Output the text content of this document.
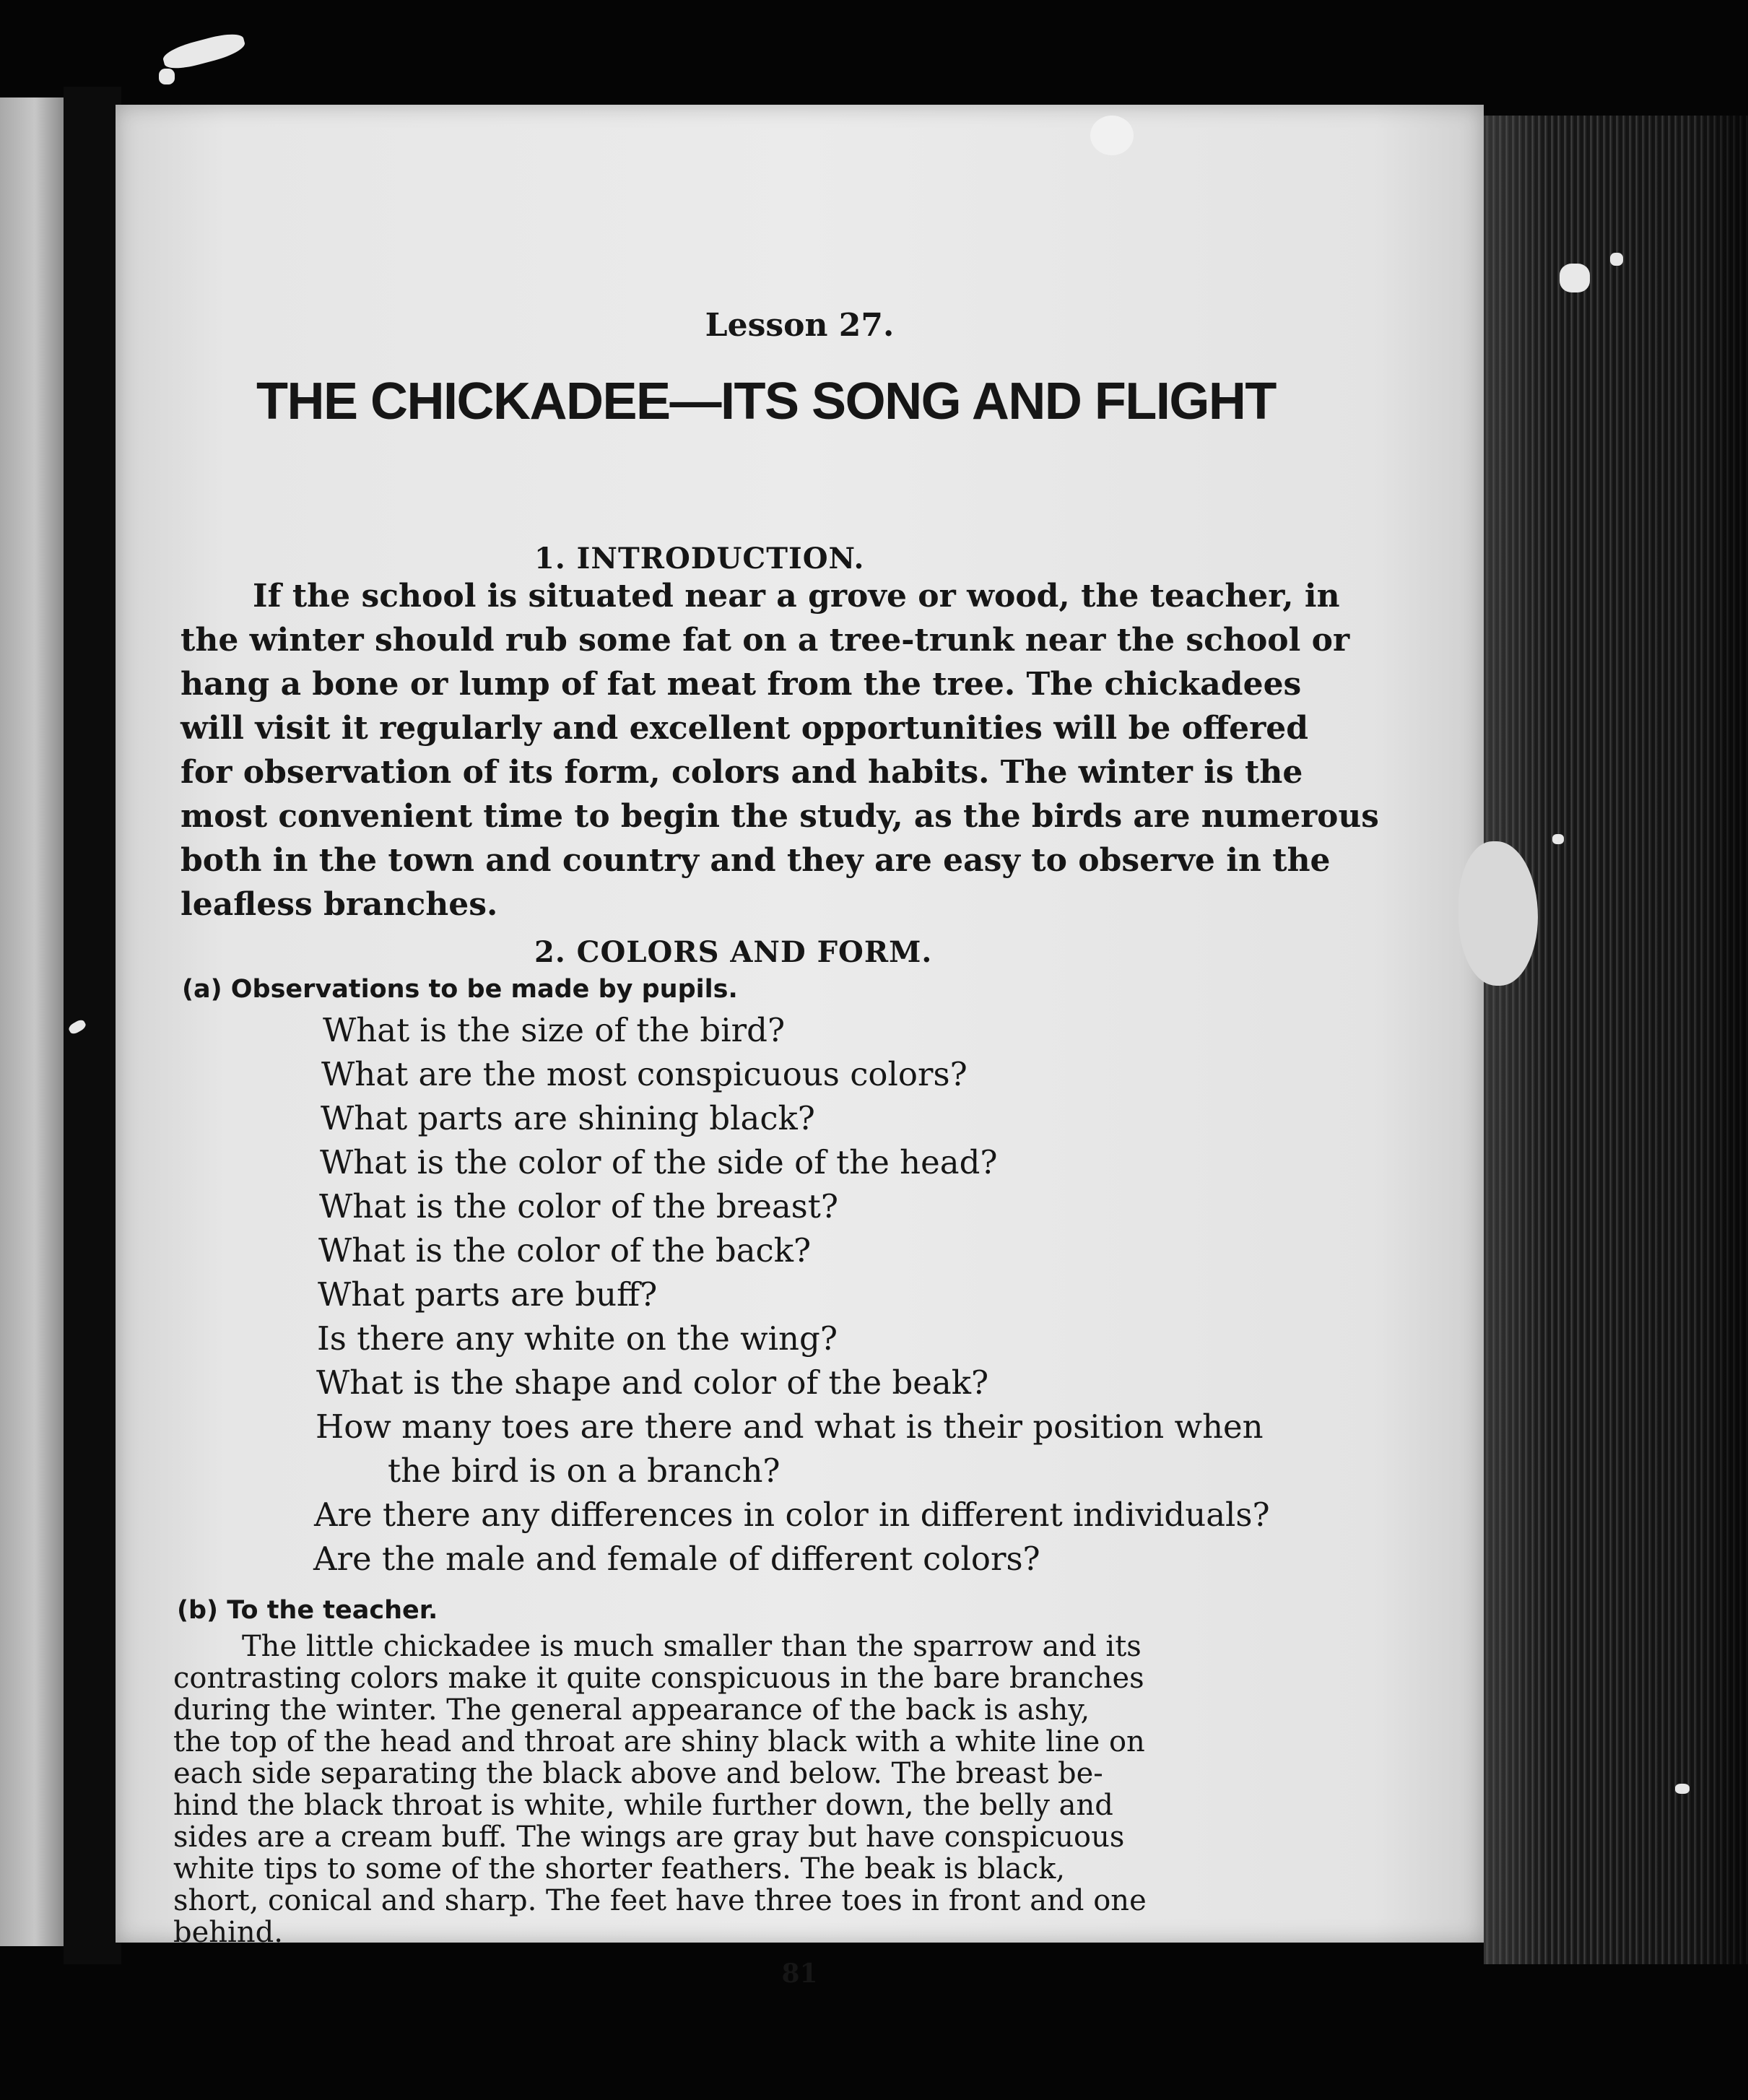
Lesson 27.
THE CHICKADEE—ITS SONG AND FLIGHT
1. INTRODUCTION.
If the school is situated near a grove or wood, the teacher, in
the winter should rub some fat on a tree-trunk near the school or
hang a bone or lump of fat meat from the tree. The chickadees
will visit it regularly and excellent opportunities will be offered
for observation of its form, colors and habits. The winter is the
most convenient time to begin the study, as the birds are numerous
both in the town and country and they are easy to observe in the
leafless branches.
2. COLORS AND FORM.
(a) Observations to be made by pupils.
What is the size of the bird?
What are the most conspicuous colors?
What parts are shining black?
What is the color of the side of the head?
What is the color of the breast?
What is the color of the back?
What parts are buff?
Is there any white on the wing?
What is the shape and color of the beak?
How many toes are there and what is their position when
the bird is on a branch?
Are there any differences in color in different individuals?
Are the male and female of different colors?
(b) To the teacher.
The little chickadee is much smaller than the sparrow and its
contrasting colors make it quite conspicuous in the bare branches
during the winter. The general appearance of the back is ashy,
the top of the head and throat are shiny black with a white line on
each side separating the black above and below. The breast be-
hind the black throat is white, while further down, the belly and
sides are a cream buff. The wings are gray but have conspicuous
white tips to some of the shorter feathers. The beak is black,
short, conical and sharp. The feet have three toes in front and one
behind.
81
